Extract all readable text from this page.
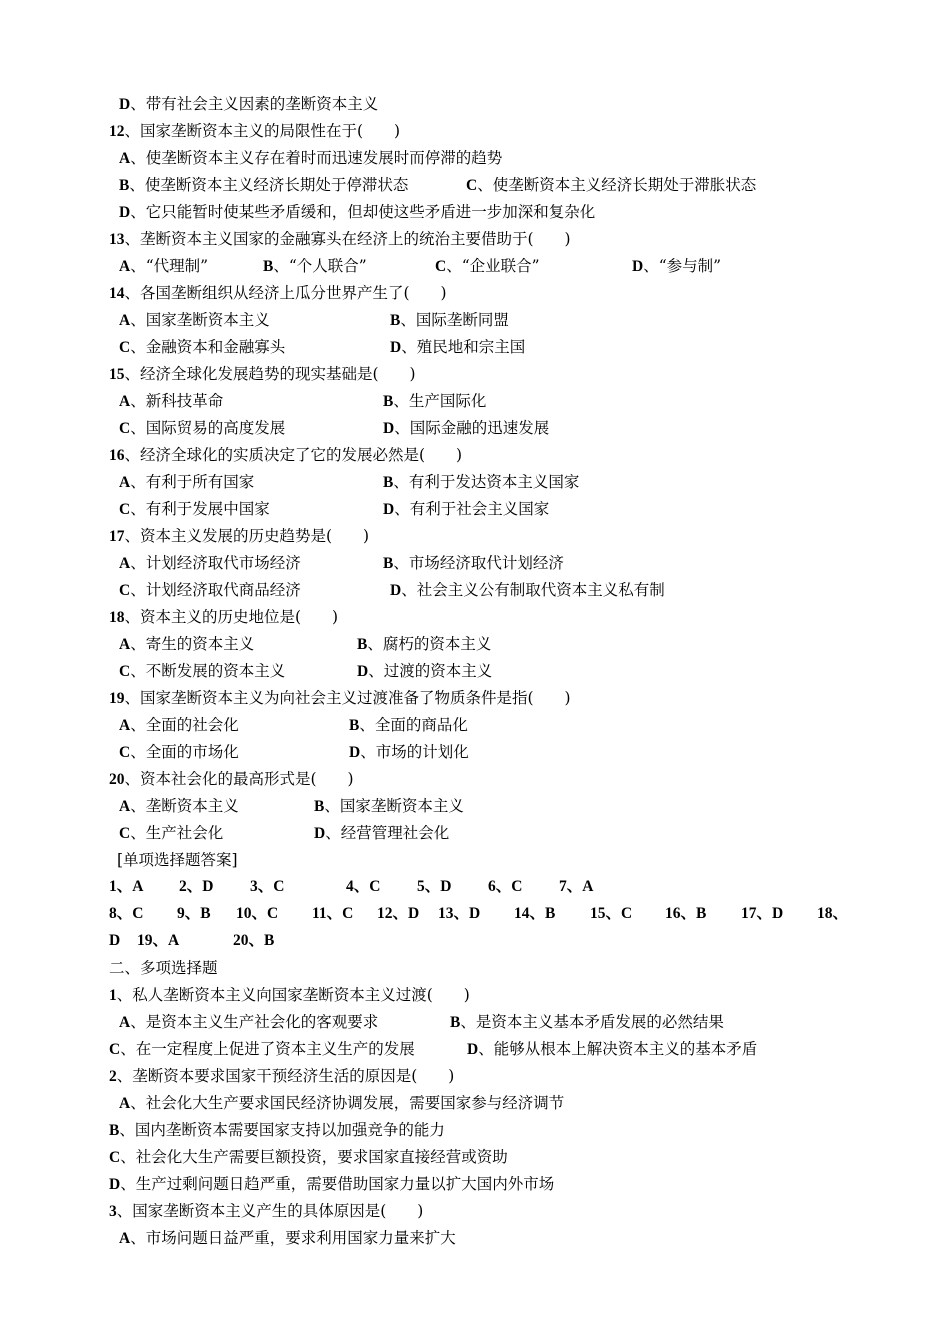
D、带有社会主义因素的垄断资本主义
12、国家垄断资本主义的局限性在于(　　)
A、使垄断资本主义存在着时而迅速发展时而停滞的趋势
B、使垄断资本主义经济长期处于停滞状态	C、使垄断资本主义经济长期处于滞胀状态
D、它只能暂时使某些矛盾缓和，但却使这些矛盾进一步加深和复杂化
13、垄断资本主义国家的金融寡头在经济上的统治主要借助于(　　)
A、“代理制”	B、“个人联合”	C、“企业联合”	D、“参与制”
14、各国垄断组织从经济上瓜分世界产生了(　　)
A、国家垄断资本主义	B、国际垄断同盟
C、金融资本和金融寡头	D、殖民地和宗主国
15、经济全球化发展趋势的现实基础是(　　)
A、新科技革命	B、生产国际化
C、国际贸易的高度发展	D、国际金融的迅速发展
16、经济全球化的实质决定了它的发展必然是(　　)
A、有利于所有国家	B、有利于发达资本主义国家
C、有利于发展中国家	D、有利于社会主义国家
17、资本主义发展的历史趋势是(　　)
A、计划经济取代市场经济	B、市场经济取代计划经济
C、计划经济取代商品经济	D、社会主义公有制取代资本主义私有制
18、资本主义的历史地位是(　　)
A、寄生的资本主义	B、腐朽的资本主义
C、不断发展的资本主义	D、过渡的资本主义
19、国家垄断资本主义为向社会主义过渡准备了物质条件是指(　　)
A、全面的社会化	B、全面的商品化
C、全面的市场化	D、市场的计划化
20、资本社会化的最高形式是(　　)
A、垄断资本主义	B、国家垄断资本主义
C、生产社会化	D、经营管理社会化
[单项选择题答案]
1、A 2、D 3、C	4、C 5、D 6、C 7、A
8、C 9、B 10、C 11、C 12、D 13、D 14、B 15、C 16、B 17、D 18、
D 19、A	20、B
二、多项选择题
1、私人垄断资本主义向国家垄断资本主义过渡(　　)
A、是资本主义生产社会化的客观要求	B、是资本主义基本矛盾发展的必然结果
C、在一定程度上促进了资本主义生产的发展	D、能够从根本上解决资本主义的基本矛盾
2、垄断资本要求国家干预经济生活的原因是(　　)
A、社会化大生产要求国民经济协调发展，需要国家参与经济调节
B、国内垄断资本需要国家支持以加强竞争的能力
C、社会化大生产需要巨额投资，要求国家直接经营或资助
D、生产过剩问题日趋严重，需要借助国家力量以扩大国内外市场
3、国家垄断资本主义产生的具体原因是(　　)
A、市场问题日益严重，要求利用国家力量来扩大
